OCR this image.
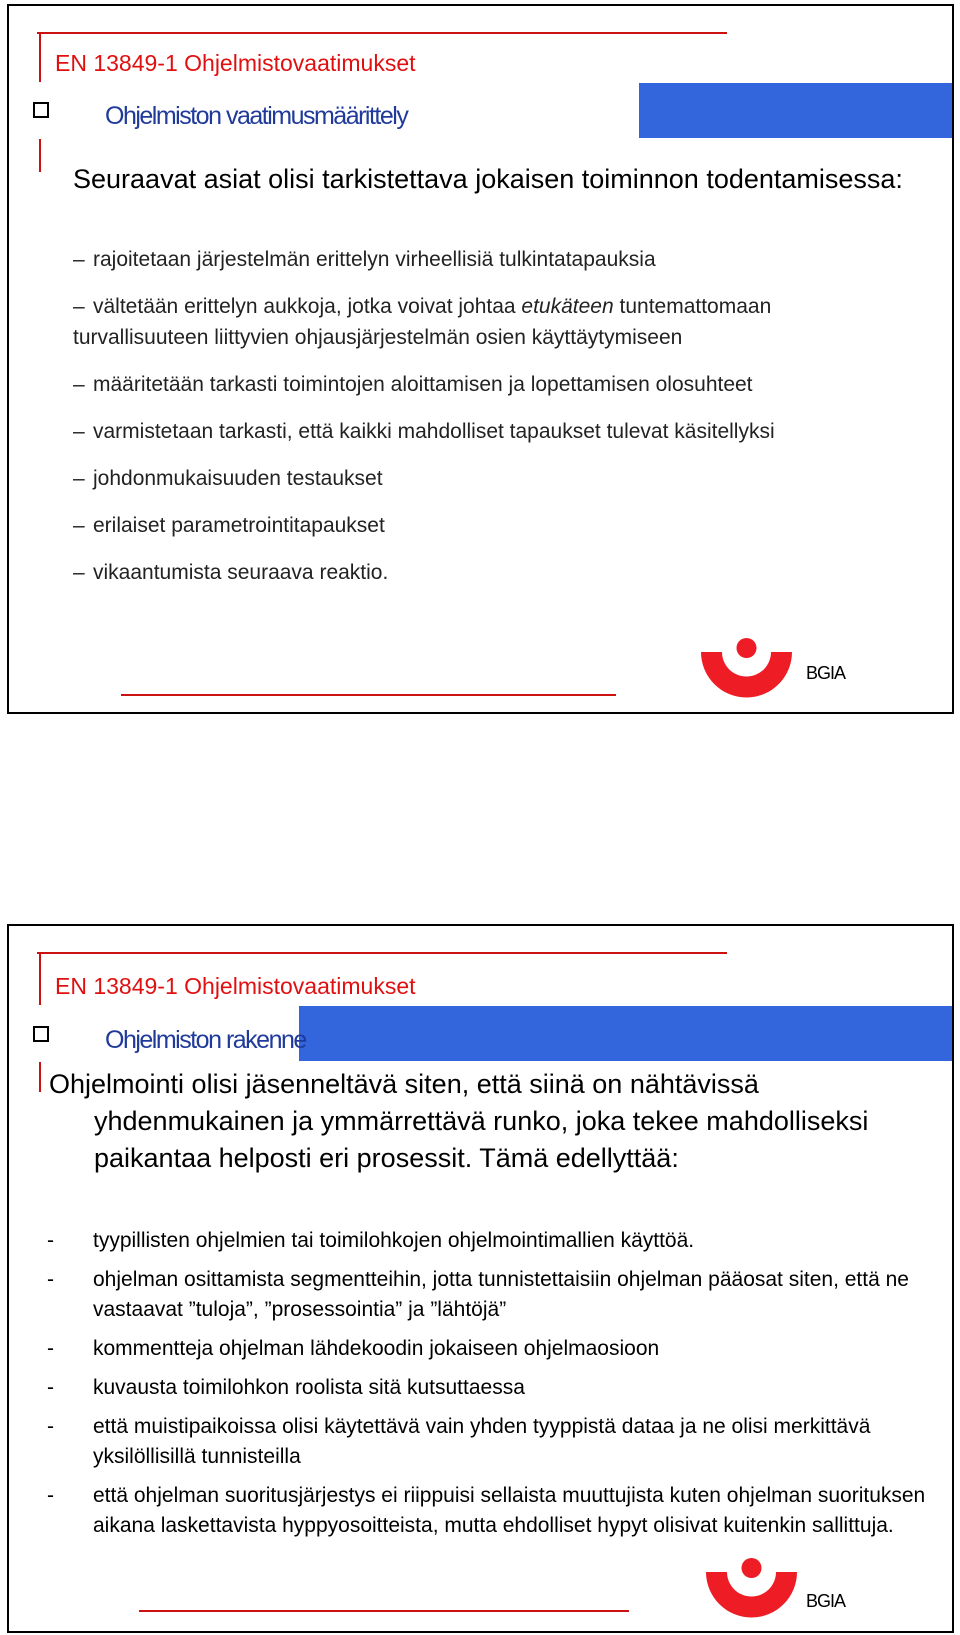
EN 13849-1 Ohjelmistovaatimukset
Ohjelmiston vaatimusmäärittely
Seuraavat asiat olisi tarkistettava jokaisen toiminnon todentamisessa:
– rajoitetaan järjestelmän erittelyn virheellisiä tulkintatapauksia
– vältetään erittelyn aukkoja, jotka voivat johtaa etukäteen tuntemattomaan turvallisuuteen liittyvien ohjausjärjestelmän osien käyttäytymiseen
– määritetään tarkasti toimintojen aloittamisen ja lopettamisen olosuhteet
– varmistetaan tarkasti, että kaikki mahdolliset tapaukset tulevat käsitellyksi
– johdonmukaisuuden testaukset
– erilaiset parametrointitapaukset
– vikaantumista seuraava reaktio.
BGIA
EN 13849-1 Ohjelmistovaatimukset
Ohjelmiston rakenne
Ohjelmointi olisi jäsenneltävä siten, että siinä on nähtävissä yhdenmukainen ja ymmärrettävä runko, joka tekee mahdolliseksi paikantaa helposti eri prosessit. Tämä edellyttää:
- tyypillisten ohjelmien tai toimilohkojen ohjelmointimallien käyttöä.
- ohjelman osittamista segmentteihin, jotta tunnistettaisiin ohjelman pääosat siten, että ne vastaavat ”tuloja”, ”prosessointia” ja ”lähtöjä”
- kommentteja ohjelman lähdekoodin jokaiseen ohjelmaosioon
- kuvausta toimilohkon roolista sitä kutsuttaessa
- että muistipaikoissa olisi käytettävä vain yhden tyyppistä dataa ja ne olisi merkittävä yksilöllisillä tunnisteilla
- että ohjelman suoritusjärjestys ei riippuisi sellaista muuttujista kuten ohjelman suorituksen aikana laskettavista hyppyosoitteista, mutta ehdolliset hypyt olisivat kuitenkin sallittuja.
BGIA
